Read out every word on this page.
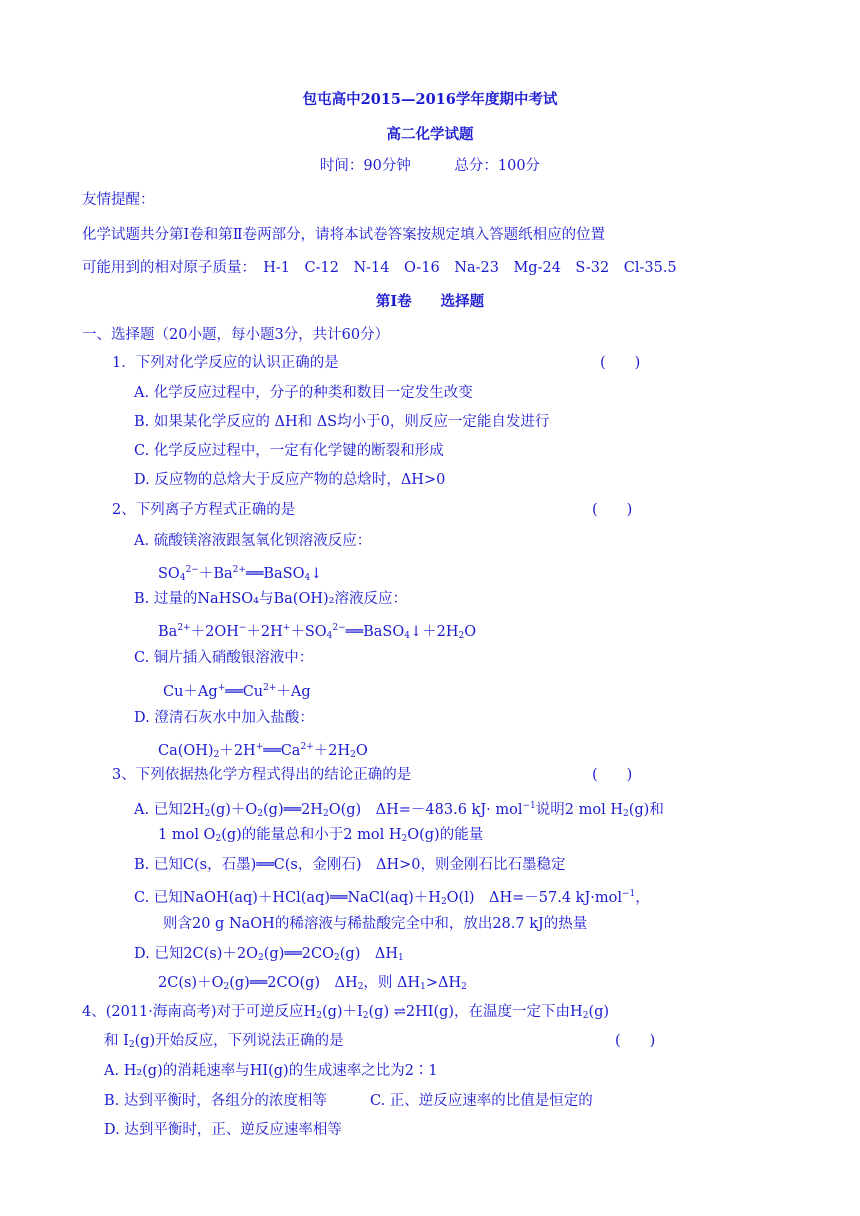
包屯高中2015—2016学年度期中考试
高二化学试题
时间：90分钟　　　总分：100分
友情提醒：
化学试题共分第Ⅰ卷和第Ⅱ卷两部分，请将本试卷答案按规定填入答题纸相应的位置
可能用到的相对原子质量：　H-1　C-12　N-14　O-16　Na-23　Mg-24　S-32　Cl-35.5
第Ⅰ卷　　选择题
一、选择题（20小题，每小题3分，共计60分）
1．下列对化学反应的认识正确的是	(　　)
A. 化学反应过程中，分子的种类和数目一定发生改变
B. 如果某化学反应的 ΔH和 ΔS均小于0，则反应一定能自发进行
C. 化学反应过程中，一定有化学键的断裂和形成
D. 反应物的总焓大于反应产物的总焓时，ΔH>0
2、下列离子方程式正确的是	(　　)
A. 硫酸镁溶液跟氢氧化钡溶液反应：
$SO_4^{2-}+Ba^{2+}══BaSO_4↓$
B. 过量的NaHSO₄与Ba(OH)₂溶液反应：
$Ba^{2+}+2OH^-+2H^++SO_4^{2-}══BaSO_4↓+2H_2O$
C. 铜片插入硝酸银溶液中：
$Cu+Ag^+══Cu^{2+}+Ag$
D. 澄清石灰水中加入盐酸：
$Ca(OH)_2+2H^+══Ca^{2+}+2H_2O$
3、下列依据热化学方程式得出的结论正确的是	(　　)
A. 已知$2H_2(g)+O_2(g)══2H_2O(g)$　ΔH=－483.6 kJ· mol$^{-1}$说明2 mol $H_2(g)$和
1 mol $O_2(g)$的能量总和小于2 mol $H_2O(g)$的能量
B. 已知C(s，石墨)══C(s，金刚石)　ΔH>0，则金刚石比石墨稳定
C. 已知$NaOH(aq)+HCl(aq)══NaCl(aq)+H_2O(l)$　ΔH=－57.4 kJ·mol$^{-1}$，
则含20 g NaOH的稀溶液与稀盐酸完全中和，放出28.7 kJ的热量
D. 已知$2C(s)+2O_2(g)══2CO_2(g)$　$\Delta H_1$
$2C(s)+O_2(g)══2CO(g)$　$\Delta H_2$，则 $\Delta H_1>\Delta H_2$
4、(2011·海南高考)对于可逆反应$H_2(g)+I_2(g)$ ⇌2HI(g)，在温度一定下由$H_2(g)$
和 $I_2(g)$开始反应，下列说法正确的是	(　　)
A. H₂(g)的消耗速率与HI(g)的生成速率之比为2∶1
B. 达到平衡时，各组分的浓度相等	C. 正、逆反应速率的比值是恒定的
D. 达到平衡时，正、逆反应速率相等
